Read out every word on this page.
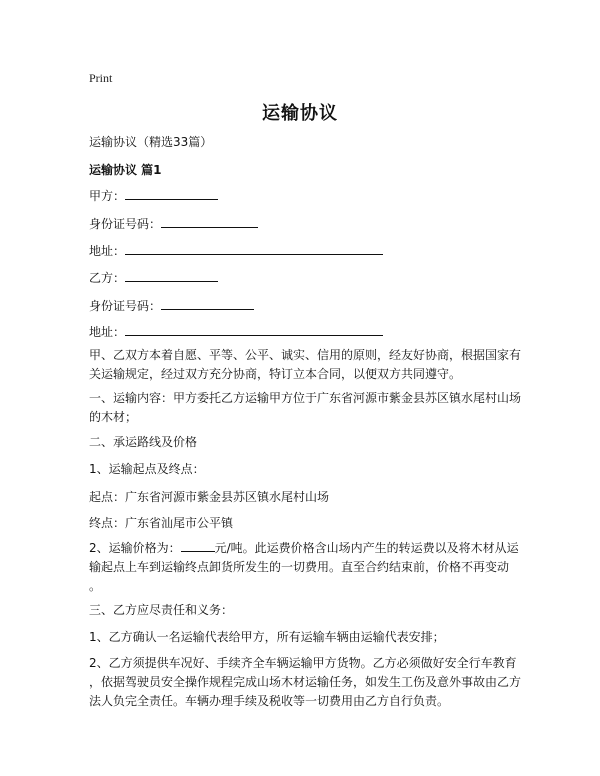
Print
运输协议
运输协议（精选33篇）
运输协议 篇1
甲方：
身份证号码：
地址：
乙方：
身份证号码：
地址：
甲、乙双方本着自愿、平等、公平、诚实、信用的原则，经友好协商，根据国家有
关运输规定，经过双方充分协商，特订立本合同，以便双方共同遵守。
一、运输内容：甲方委托乙方运输甲方位于广东省河源市紫金县苏区镇水尾村山场
的木材；
二、承运路线及价格
1、运输起点及终点：
起点：广东省河源市紫金县苏区镇水尾村山场
终点：广东省汕尾市公平镇
2、运输价格为：	元/吨。此运费价格含山场内产生的转运费以及将木材从运
输起点上车到运输终点卸货所发生的一切费用。直至合约结束前，价格不再变动
。
三、乙方应尽责任和义务：
1、乙方确认一名运输代表给甲方，所有运输车辆由运输代表安排；
2、乙方须提供车况好、手续齐全车辆运输甲方货物。乙方必须做好安全行车教育
，依据驾驶员安全操作规程完成山场木材运输任务，如发生工伤及意外事故由乙方
法人负完全责任。车辆办理手续及税收等一切费用由乙方自行负责。
